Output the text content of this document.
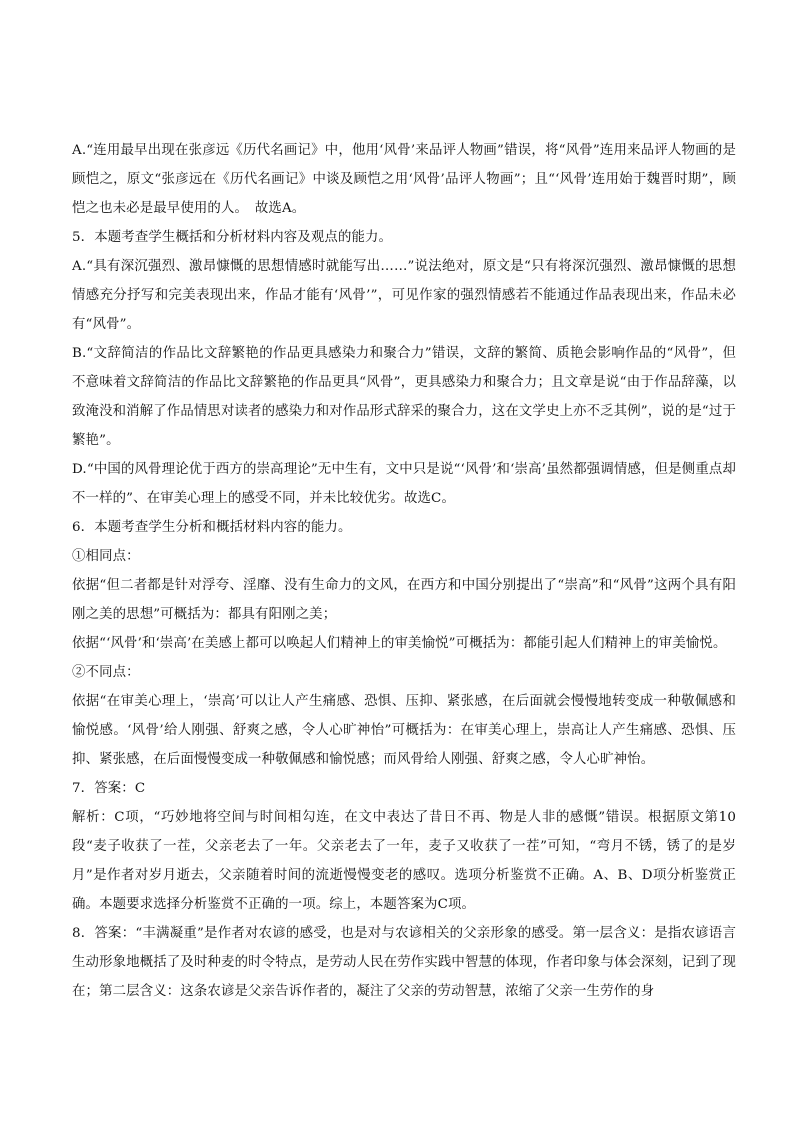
A.“连用最早出现在张彦远《历代名画记》中，他用‘风骨’来品评人物画”错误，将“风骨”连用来品评人物画的是顾恺之，原文“张彦远在《历代名画记》中谈及顾恺之用‘风骨’品评人物画”；且“‘风骨’连用始于魏晋时期”，顾恺之也未必是最早使用的人。　故选A。

5．本题考查学生概括和分析材料内容及观点的能力。

A.“具有深沉强烈、激昂慷慨的思想情感时就能写出……”说法绝对，原文是“只有将深沉强烈、激昂慷慨的思想情感充分抒写和完美表现出来，作品才能有‘风骨’”，可见作家的强烈情感若不能通过作品表现出来，作品未必有“风骨”。

B.“文辞简洁的作品比文辞繁艳的作品更具感染力和聚合力”错误，文辞的繁简、质艳会影响作品的“风骨”，但不意味着文辞简洁的作品比文辞繁艳的作品更具“风骨”，更具感染力和聚合力；且文章是说“由于作品辞藻，以致淹没和消解了作品情思对读者的感染力和对作品形式辞采的聚合力，这在文学史上亦不乏其例”，说的是“过于繁艳”。

D.“中国的风骨理论优于西方的崇高理论”无中生有，文中只是说“‘风骨’和‘崇高’虽然都强调情感，但是侧重点却不一样的”、在审美心理上的感受不同，并未比较优劣。故选C。

6．本题考查学生分析和概括材料内容的能力。

①相同点：

依据“但二者都是针对浮夸、淫靡、没有生命力的文风，在西方和中国分别提出了“崇高”和“风骨”这两个具有阳刚之美的思想”可概括为：都具有阳刚之美；

依据“‘风骨’和‘崇高’在美感上都可以唤起人们精神上的审美愉悦”可概括为：都能引起人们精神上的审美愉悦。

②不同点：

依据“在审美心理上，‘崇高’可以让人产生痛感、恐惧、压抑、紧张感，在后面就会慢慢地转变成一种敬佩感和愉悦感。‘风骨’给人刚强、舒爽之感，令人心旷神怡”可概括为：在审美心理上，崇高让人产生痛感、恐惧、压抑、紧张感，在后面慢慢变成一种敬佩感和愉悦感；而风骨给人刚强、舒爽之感，令人心旷神怡。

7．答案：C

解析：C项，“巧妙地将空间与时间相勾连，在文中表达了昔日不再、物是人非的感慨”错误。根据原文第10段“麦子收获了一茬，父亲老去了一年。父亲老去了一年，麦子又收获了一茬”可知，“弯月不锈，锈了的是岁月”是作者对岁月逝去，父亲随着时间的流逝慢慢变老的感叹。选项分析鉴赏不正确。A、B、D项分析鉴赏正确。本题要求选择分析鉴赏不正确的一项。综上，本题答案为C项。

8．答案：“丰满凝重”是作者对农谚的感受，也是对与农谚相关的父亲形象的感受。第一层含义：是指农谚语言生动形象地概括了及时种麦的时令特点，是劳动人民在劳作实践中智慧的体现，作者印象与体会深刻，记到了现在；第二层含义：这条农谚是父亲告诉作者的，凝注了父亲的劳动智慧，浓缩了父亲一生劳作的身
